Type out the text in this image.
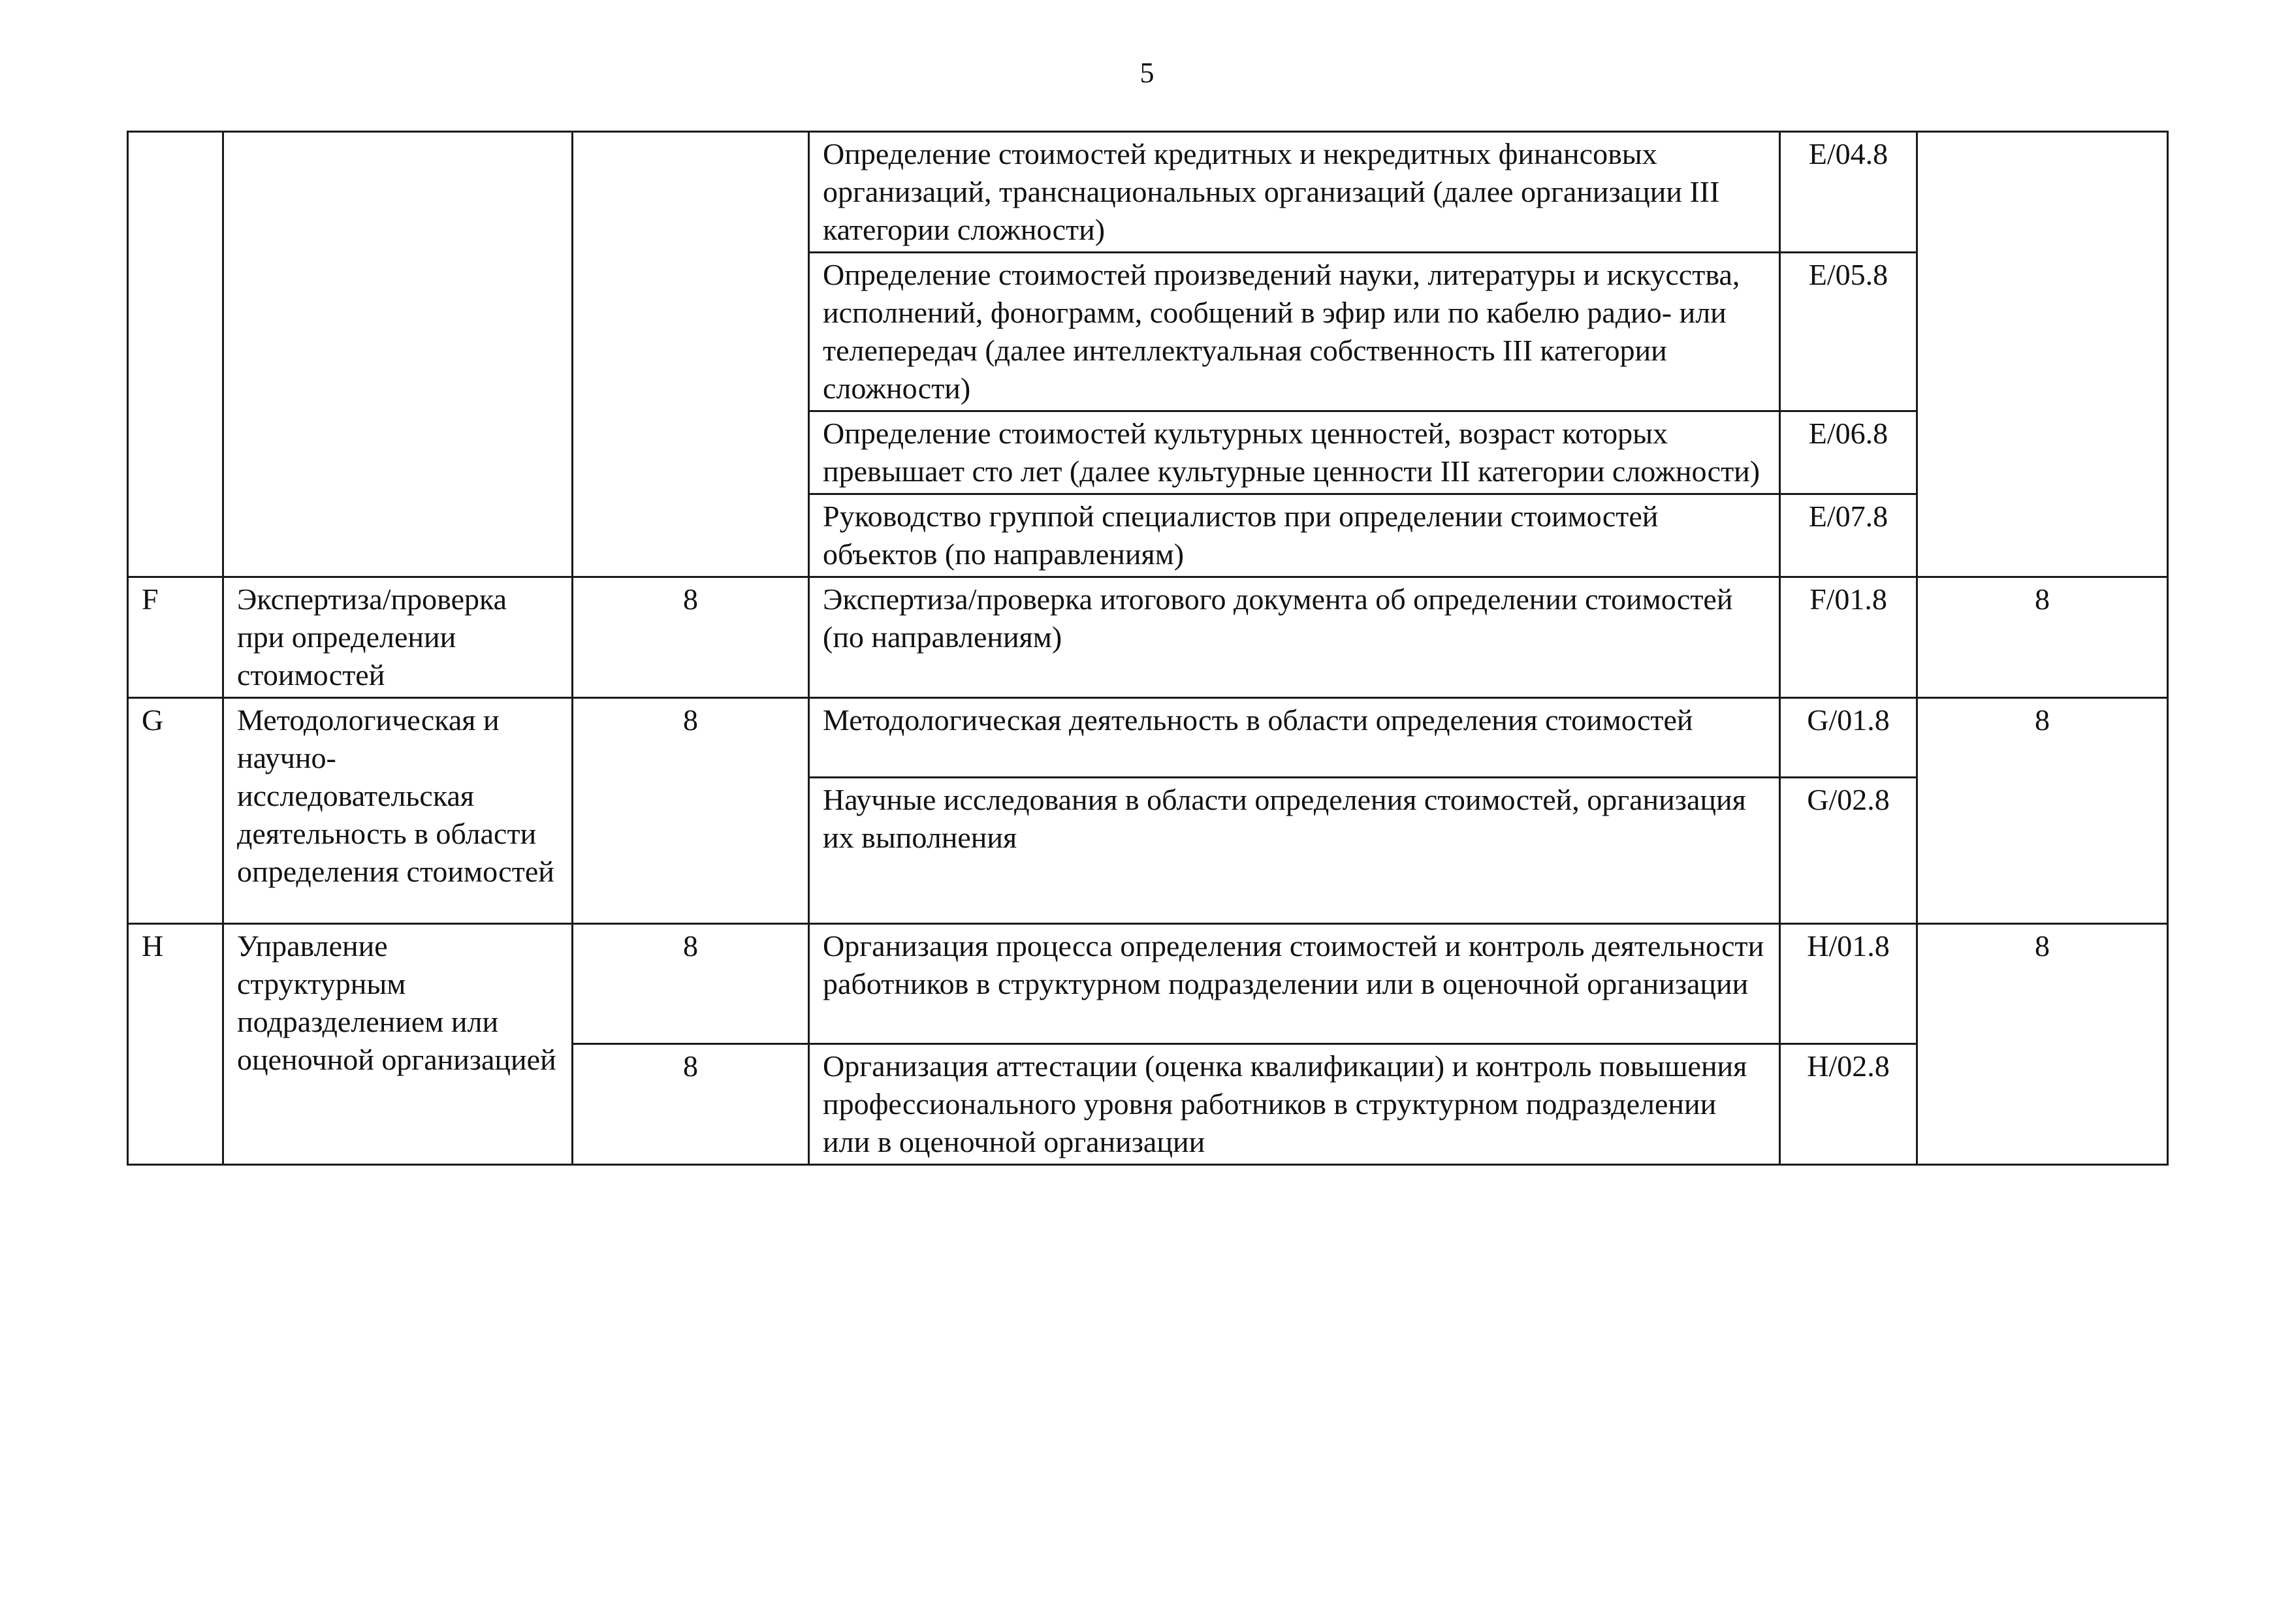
5
			Определение стоимостей кредитных и некредитных финансовых организаций, транснациональных организаций (далее организации III категории сложности)	E/04.8	
			Определение стоимостей произведений науки, литературы и искусства, исполнений, фонограмм, сообщений в эфир или по кабелю радио- или телепередач (далее интеллектуальная собственность III категории сложности)	E/05.8	
			Определение стоимостей культурных ценностей, возраст которых превышает сто лет (далее культурные ценности III категории сложности)	E/06.8	
			Руководство группой специалистов при определении стоимостей объектов (по направлениям)	E/07.8	
F	Экспертиза/проверка при определении стоимостей	8	Экспертиза/проверка итогового документа об определении стоимостей (по направлениям)	F/01.8	8
G	Методологическая и научно-исследовательская деятельность в области определения стоимостей	8	Методологическая деятельность в области определения стоимостей	G/01.8	8
			Научные исследования в области определения стоимостей, организация их выполнения	G/02.8	
H	Управление структурным подразделением или оценочной организацией	8	Организация процесса определения стоимостей и контроль деятельности работников в структурном подразделении или в оценочной организации	H/01.8	8
		8	Организация аттестации (оценка квалификации) и контроль повышения профессионального уровня работников в структурном подразделении или в оценочной организации	H/02.8	
